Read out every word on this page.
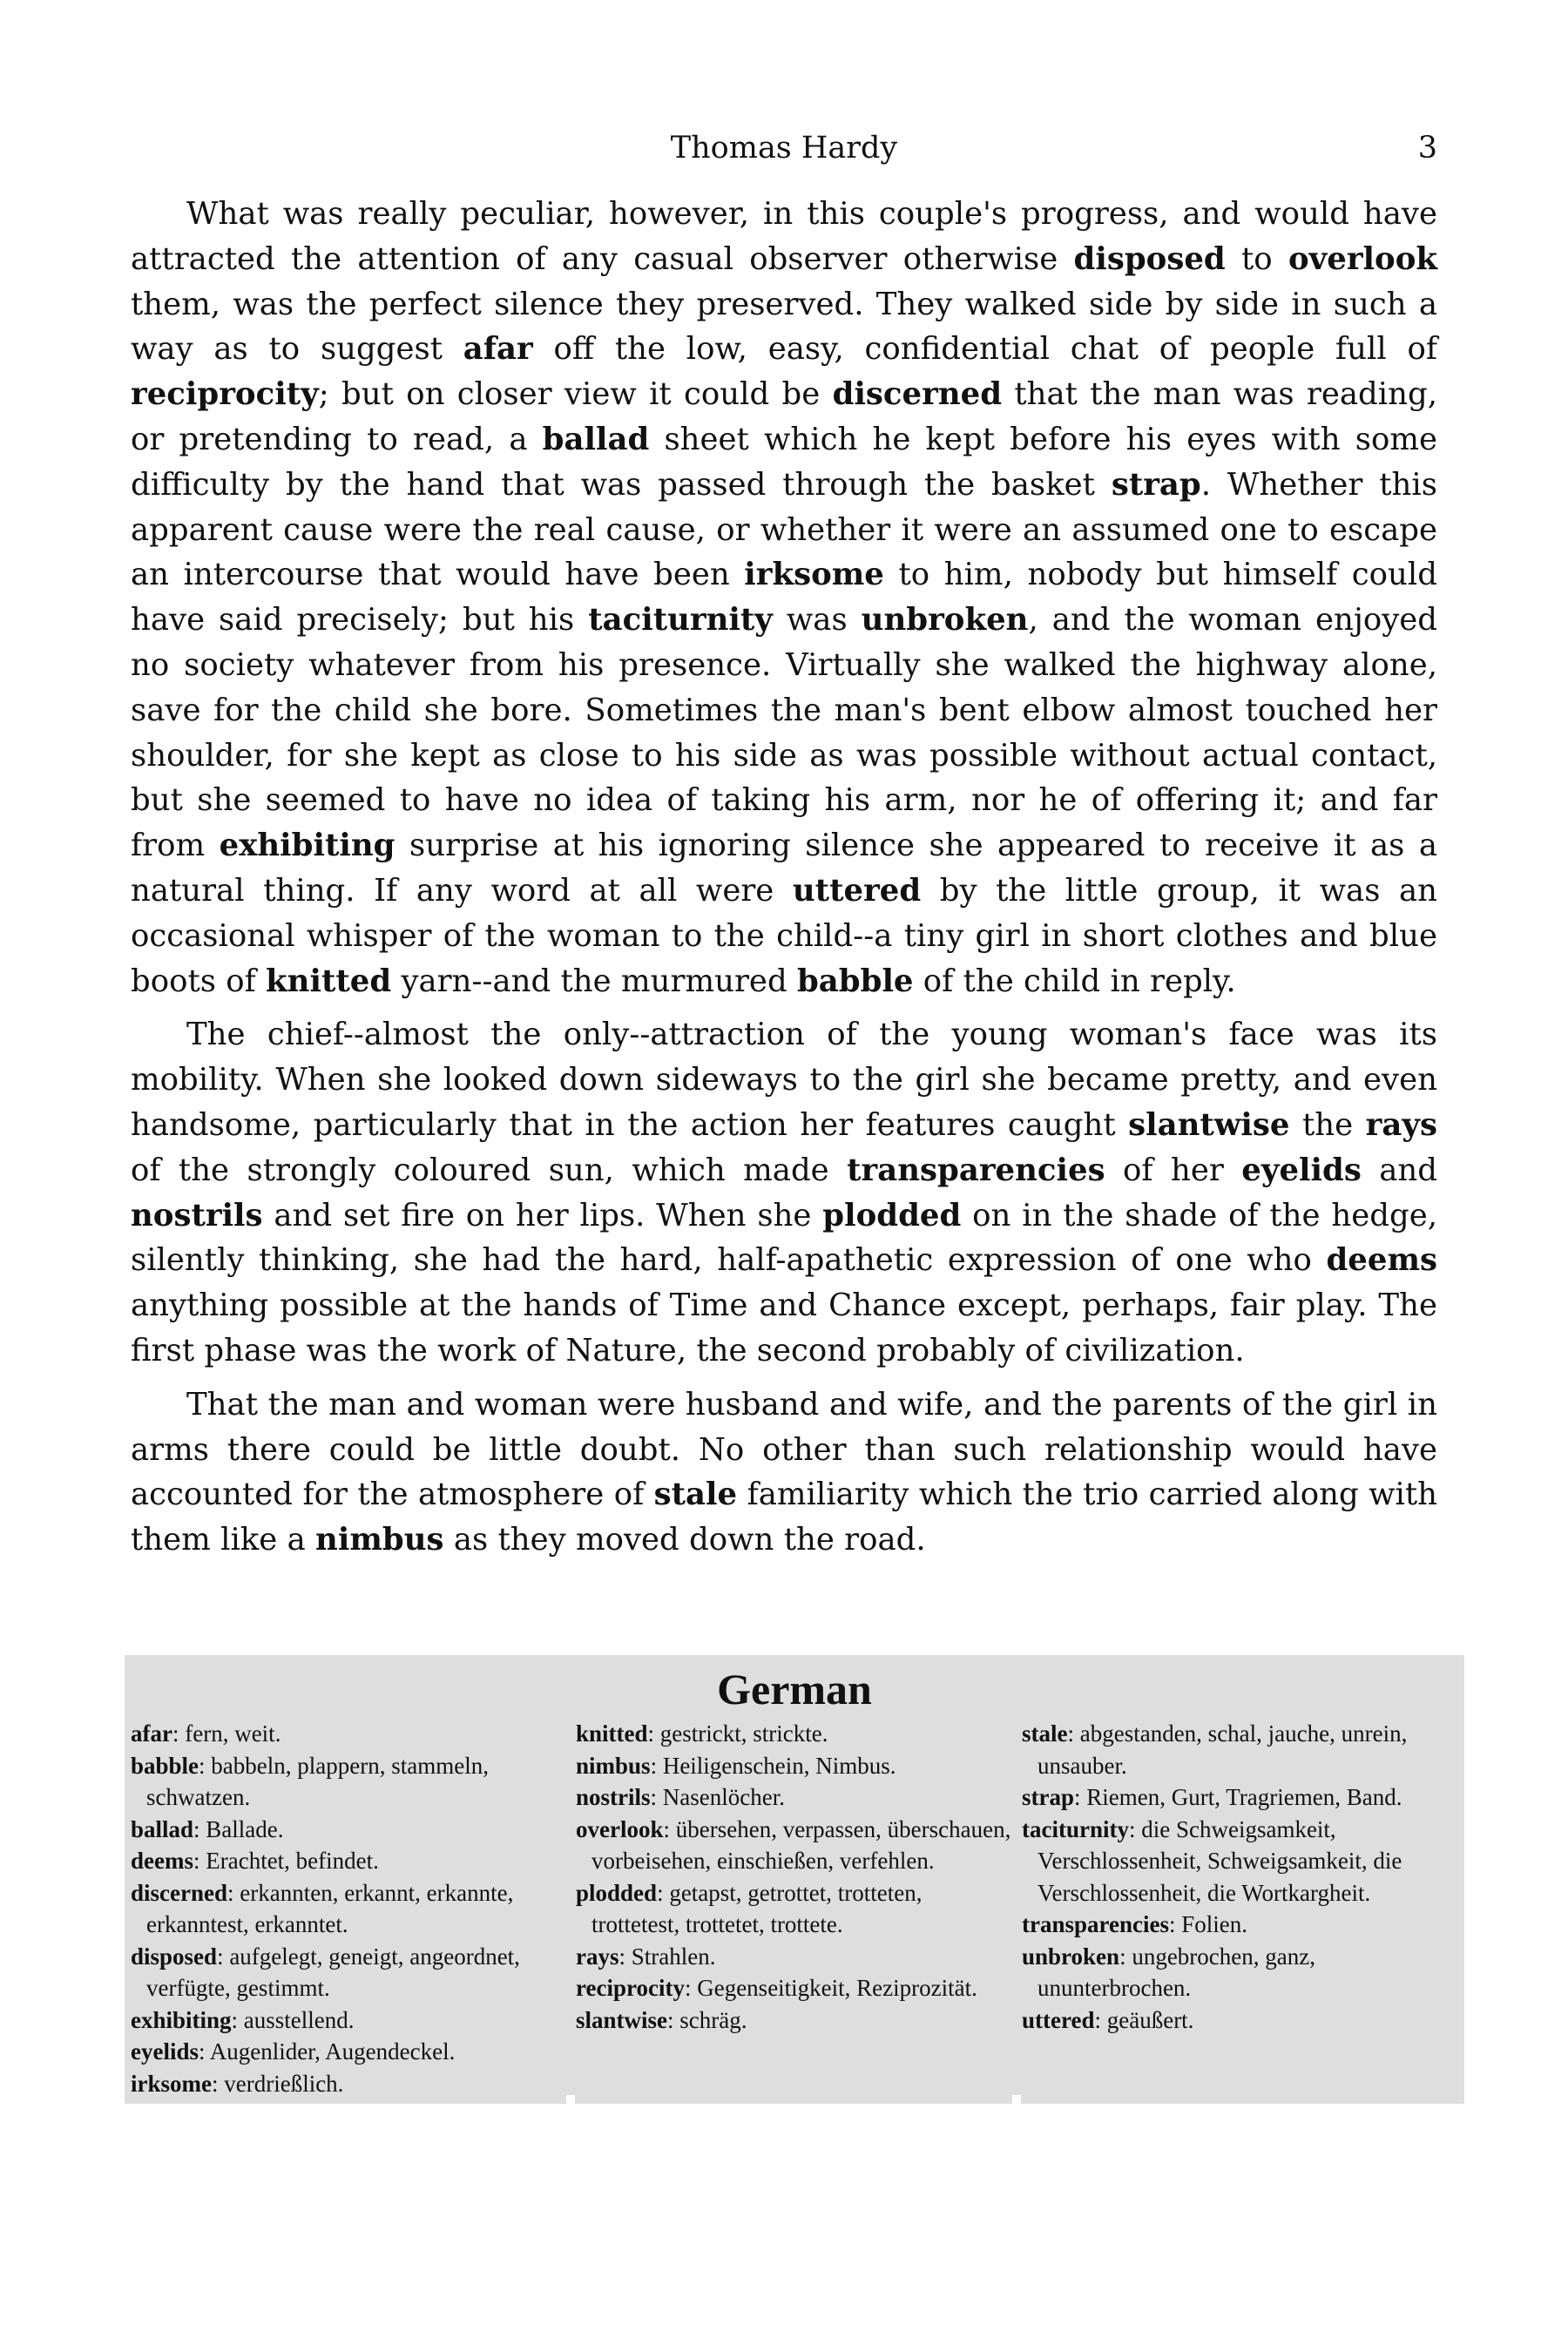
Thomas Hardy	3

What was really peculiar, however, in this couple's progress, and would have attracted the attention of any casual observer otherwise disposed to overlook them, was the perfect silence they preserved. They walked side by side in such a way as to suggest afar off the low, easy, confidential chat of people full of reciprocity; but on closer view it could be discerned that the man was reading, or pretending to read, a ballad sheet which he kept before his eyes with some difficulty by the hand that was passed through the basket strap. Whether this apparent cause were the real cause, or whether it were an assumed one to escape an intercourse that would have been irksome to him, nobody but himself could have said precisely; but his taciturnity was unbroken, and the woman enjoyed no society whatever from his presence. Virtually she walked the highway alone, save for the child she bore. Sometimes the man's bent elbow almost touched her shoulder, for she kept as close to his side as was possible without actual contact, but she seemed to have no idea of taking his arm, nor he of offering it; and far from exhibiting surprise at his ignoring silence she appeared to receive it as a natural thing. If any word at all were uttered by the little group, it was an occasional whisper of the woman to the child--a tiny girl in short clothes and blue boots of knitted yarn--and the murmured babble of the child in reply.

The chief--almost the only--attraction of the young woman's face was its mobility. When she looked down sideways to the girl she became pretty, and even handsome, particularly that in the action her features caught slantwise the rays of the strongly coloured sun, which made transparencies of her eyelids and nostrils and set fire on her lips. When she plodded on in the shade of the hedge, silently thinking, she had the hard, half-apathetic expression of one who deems anything possible at the hands of Time and Chance except, perhaps, fair play. The first phase was the work of Nature, the second probably of civilization.

That the man and woman were husband and wife, and the parents of the girl in arms there could be little doubt. No other than such relationship would have accounted for the atmosphere of stale familiarity which the trio carried along with them like a nimbus as they moved down the road.

German
afar: fern, weit.
babble: babbeln, plappern, stammeln, schwatzen.
ballad: Ballade.
deems: Erachtet, befindet.
discerned: erkannten, erkannt, erkannte, erkanntest, erkanntet.
disposed: aufgelegt, geneigt, angeordnet, verfügte, gestimmt.
exhibiting: ausstellend.
eyelids: Augenlider, Augendeckel.
irksome: verdrießlich.
knitted: gestrickt, strickte.
nimbus: Heiligenschein, Nimbus.
nostrils: Nasenlöcher.
overlook: übersehen, verpassen, überschauen, vorbeisehen, einschießen, verfehlen.
plodded: getapst, getrottet, trotteten, trottetest, trottetet, trottete.
rays: Strahlen.
reciprocity: Gegenseitigkeit, Reziprozität.
slantwise: schräg.
stale: abgestanden, schal, jauche, unrein, unsauber.
strap: Riemen, Gurt, Tragriemen, Band.
taciturnity: die Schweigsamkeit, Verschlossenheit, Schweigsamkeit, die Verschlossenheit, die Wortkargheit.
transparencies: Folien.
unbroken: ungebrochen, ganz, ununterbrochen.
uttered: geäußert.
